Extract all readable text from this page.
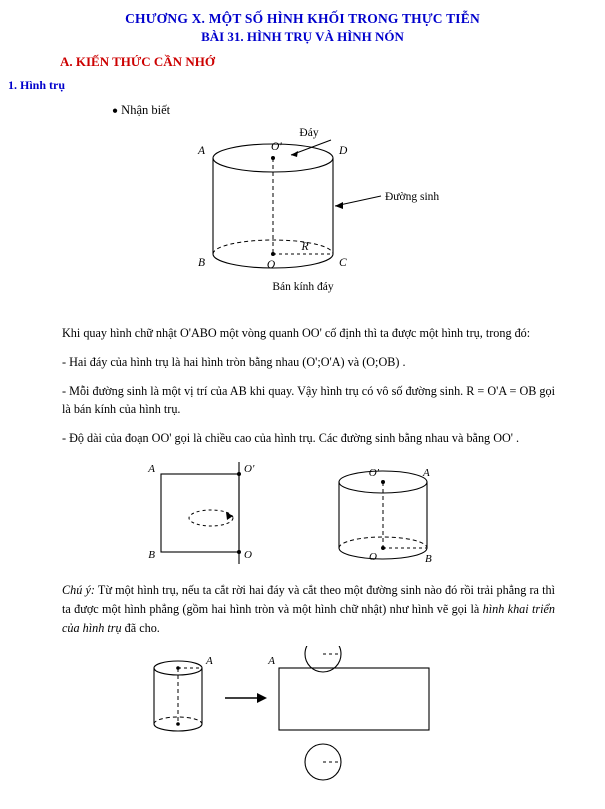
CHƯƠNG X. MỘT SỐ HÌNH KHỐI TRONG THỰC TIỄN
BÀI 31. HÌNH TRỤ VÀ HÌNH NÓN
A. KIẾN THỨC CẦN NHỚ
1. Hình trụ
● Nhận biết
Đáy
Đường sinh
A	O'	D
B	O	C
R
Bán kính đáy
Khi quay hình chữ nhật O'ABO một vòng quanh OO' cố định thì ta được một hình trụ, trong đó:
- Hai đáy của hình trụ là hai hình tròn bằng nhau (O';O'A) và (O;OB) .
- Mỗi đường sinh là một vị trí của AB khi quay. Vậy hình trụ có vô số đường sinh. R = O'A = OB gọi là bán kính của hình trụ.
- Độ dài của đoạn OO' gọi là chiều cao của hình trụ. Các đường sinh bằng nhau và bằng OO' .
A	O'
B	O
O'	A
O	B
Chú ý: Từ một hình trụ, nếu ta cắt rời hai đáy và cắt theo một đường sinh nào đó rồi trải phẳng ra thì ta được một hình phẳng (gồm hai hình tròn và một hình chữ nhật) như hình vẽ gọi là hình khai triển của hình trụ đã cho.
A	A
